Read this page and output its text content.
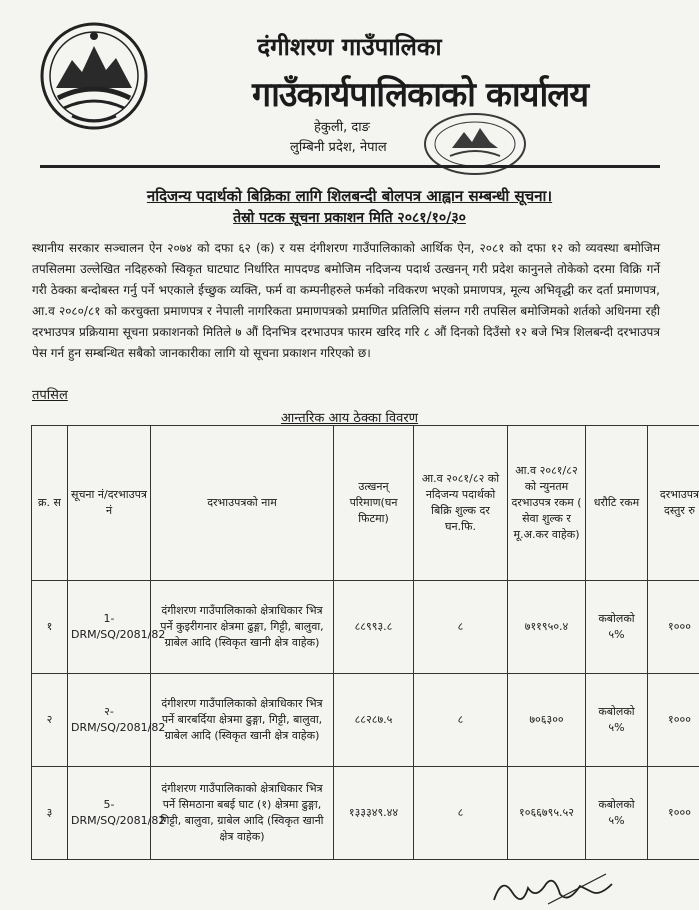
दंगीशरण गाउँपालिका
गाउँकार्यपालिकाको कार्यालय
हेकुली, दाङ
लुम्बिनी प्रदेश, नेपाल
नदिजन्य पदार्थको बिक्रिका लागि शिलबन्दी बोलपत्र आह्वान सम्बन्धी सूचना।
तेस्रो पटक सूचना प्रकाशन मिति २०८१/१०/३०
स्थानीय सरकार सञ्चालन ऐन २०७४ को दफा ६२ (क) र यस दंगीशरण गाउँपालिकाको आर्थिक ऐन, २०८१ को दफा १२ को व्यवस्था बमोजिम तपसिलमा उल्लेखित नदिहरुको स्विकृत घाटघाट निर्धारित मापदण्ड बमोजिम नदिजन्य पदार्थ उत्खनन् गरी प्रदेश कानुनले तोकेको दरमा विक्रि गर्ने गरी ठेक्का बन्दोबस्त गर्नु पर्ने भएकाले ईच्छुक व्यक्ति, फर्म वा कम्पनीहरुले फर्मको नविकरण भएको प्रमाणपत्र, मूल्य अभिवृद्धी कर दर्ता प्रमाणपत्र, आ.व २०८०/८१ को करचुक्ता प्रमाणपत्र र नेपाली नागरिकता प्रमाणपत्रको प्रमाणित प्रतिलिपि संलग्न गरी तपसिल बमोजिमको शर्तको अधिनमा रही दरभाउपत्र प्रक्रियामा सूचना प्रकाशनको मितिले ७ औं दिनभित्र दरभाउपत्र फारम खरिद गरि ८ औं दिनको दिउँसो १२ बजे भित्र शिलबन्दी दरभाउपत्र पेस गर्न हुन सम्बन्धित सबैको जानकारीका लागि यो सूचना प्रकाशन गरिएको छ।
तपसिल
आन्तरिक आय ठेक्का विवरण
क्र. स	सूचना नं/दरभाउपत्र नं	दरभाउपत्रको नाम	उत्खनन् परिमाण(घन फिटमा)	आ.व २०८१/८२ को नदिजन्य पदार्थको बिक्रि शुल्क दर घन.फि.	आ.व २०८१/८२ को न्युनतम दरभाउपत्र रकम ( सेवा शुल्क र मू.अ.कर वाहेक)	धरौटि रकम	दरभाउपत्र दस्तुर रु
१	1-DRM/SQ/2081/82	दंगीशरण गाउँपालिकाको क्षेत्राधिकार भित्र पर्ने कुइरीगनार क्षेत्रमा ढुङ्गा, गिट्टी, बालुवा, ग्राबेल आदि (स्विकृत खानी क्षेत्र वाहेक)	८८९९३.८	८	७११९५०.४	कबोलको ५%	१०००
२	२-DRM/SQ/2081/82	दंगीशरण गाउँपालिकाको क्षेत्राधिकार भित्र पर्ने बारबर्दिया क्षेत्रमा ढुङ्गा, गिट्टी, बालुवा, ग्राबेल आदि (स्विकृत खानी क्षेत्र वाहेक)	८८२८७.५	८	७०६३००	कबोलको ५%	१०००
३	5-DRM/SQ/2081/82	दंगीशरण गाउँपालिकाको क्षेत्राधिकार भित्र पर्ने सिमठाना बबई घाट (१) क्षेत्रमा ढुङ्गा, गिट्टी, बालुवा, ग्राबेल आदि (स्विकृत खानी क्षेत्र वाहेक)	१३३३४९.४४	८	१०६६७९५.५२	कबोलको ५%	१०००
